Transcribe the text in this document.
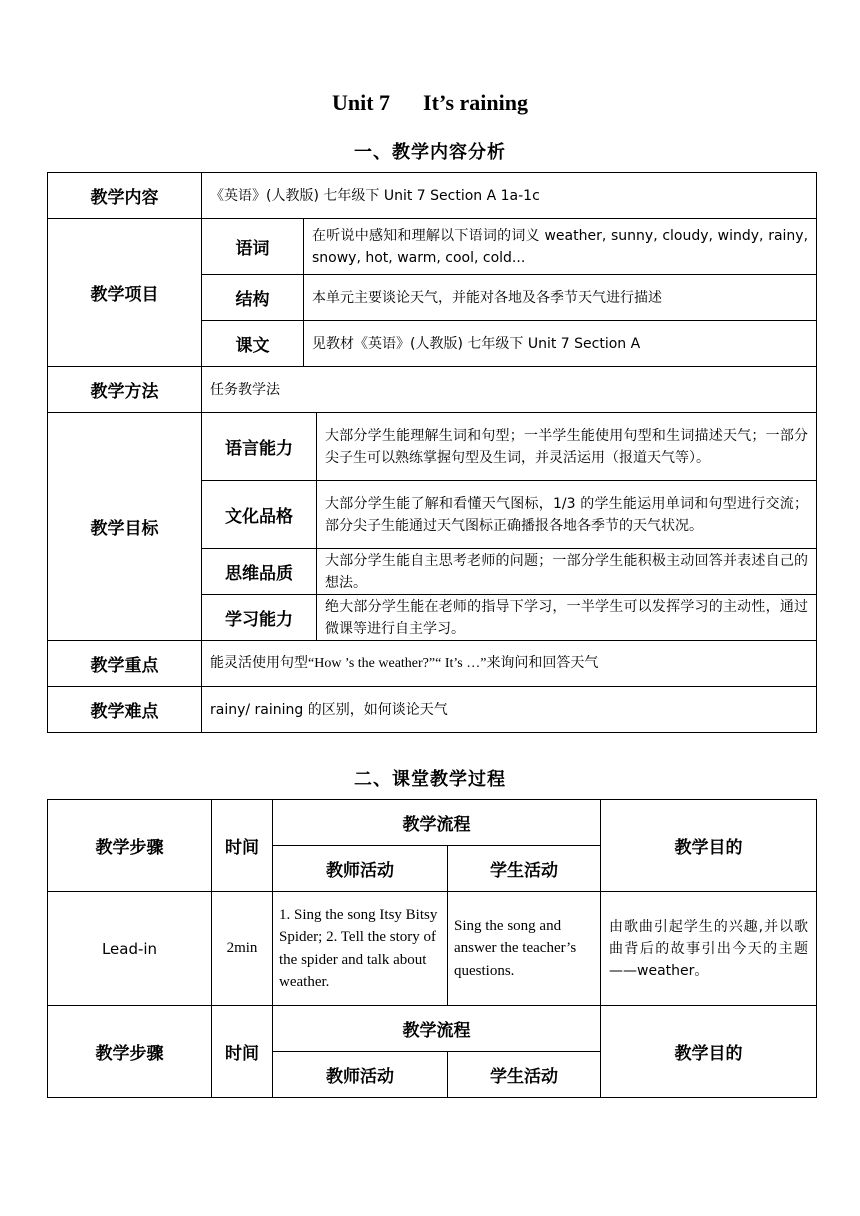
Unit 7      It’s raining
一、教学内容分析
教学内容	《英语》(人教版) 七年级下 Unit 7 Section A 1a-1c		
教学项目	语词	在听说中感知和理解以下语词的词义 weather, sunny, cloudy, windy, rainy, snowy, hot, warm, cool, cold...	
	结构	本单元主要谈论天气，并能对各地及各季节天气进行描述	
	课文	见教材《英语》(人教版) 七年级下 Unit 7 Section A	
教学方法	任务教学法		
教学目标	语言能力		大部分学生能理解生词和句型；一半学生能使用句型和生词描述天气；一部分尖子生可以熟练掌握句型及生词，并灵活运用（报道天气等）。
	文化品格		大部分学生能了解和看懂天气图标，1/3 的学生能运用单词和句型进行交流；部分尖子生能通过天气图标正确播报各地各季节的天气状况。
	思维品质		大部分学生能自主思考老师的问题；一部分学生能积极主动回答并表述自己的想法。
	学习能力		绝大部分学生能在老师的指导下学习，一半学生可以发挥学习的主动性，通过微课等进行自主学习。
教学重点	能灵活使用句型“How ’s the weather?”“ It’s …”来询问和回答天气		
教学难点	rainy/ raining 的区别，如何谈论天气		
二、课堂教学过程
教学步骤	时间	教学流程		教学目的
		教师活动	学生活动	
Lead-in	2min	1. Sing the song Itsy Bitsy Spider; 2. Tell the story of the spider and talk about weather.	Sing the song and answer the teacher’s questions.	由歌曲引起学生的兴趣,并以歌曲背后的故事引出今天的主题——weather。
教学步骤	时间	教学流程		教学目的
		教师活动	学生活动	
